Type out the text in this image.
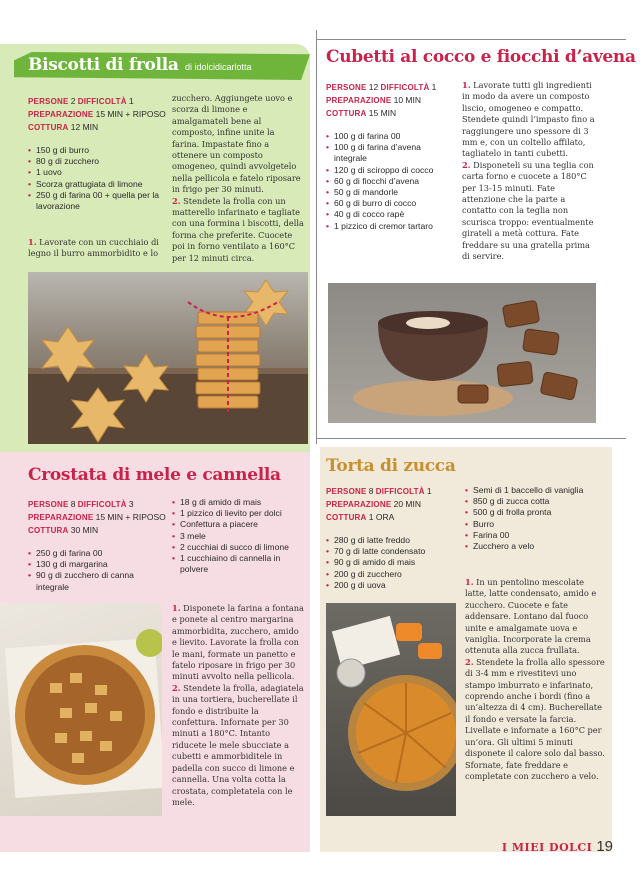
Biscotti di frolla di idolcidicarlotta
PERSONE 2 DIFFICOLTÀ 1
PREPARAZIONE 15 MIN + RIPOSO
COTTURA 12 MIN
• 150 g di burro
• 80 g di zucchero
• 1 uovo
• Scorza grattugiata di limone
• 250 g di farina 00 + quella per la lavorazione
1. Lavorate con un cucchiaio di legno il burro ammorbidito e lo
zucchero. Aggiungete uovo e scorza di limone e amalgamateli bene al composto, infine unite la farina. Impastate fino a ottenere un composto omogeneo, quindi avvolgetelo nella pellicola e fatelo riposare in frigo per 30 minuti.
2. Stendete la frolla con un matterello infarinato e tagliate con una formina i biscotti, della forma che preferite. Cuocete poi in forno ventilato a 160°C per 12 minuti circa.
Cubetti al cocco e fiocchi d’avena
PERSONE 12 DIFFICOLTÀ 1
PREPARAZIONE 10 MIN
COTTURA 15 MIN
• 100 g di farina 00
• 100 g di farina d’avena integrale
• 120 g di sciroppo di cocco
• 60 g di fiocchi d’avena
• 50 g di mandorle
• 60 g di burro di cocco
• 40 g di cocco rapè
• 1 pizzico di cremor tartaro
1. Lavorate tutti gli ingredienti in modo da avere un composto liscio, omogeneo e compatto. Stendete quindi l’impasto fino a raggiungere uno spessore di 3 mm e, con un coltello affilato, tagliatelo in tanti cubetti.
2. Disponeteli su una teglia con carta forno e cuocete a 180°C per 13-15 minuti. Fate attenzione che la parte a contatto con la teglia non scurisca troppo: eventualmente girateli a metà cottura. Fate freddare su una gratella prima di servire.
Crostata di mele e cannella
PERSONE 8 DIFFICOLTÀ 3
PREPARAZIONE 15 MIN + RIPOSO
COTTURA 30 MIN
• 250 g di farina 00
• 130 g di margarina
• 90 g di zucchero di canna integrale
• 18 g di amido di mais
• 1 pizzico di lievito per dolci
• Confettura a piacere
• 3 mele
• 2 cucchiai di succo di limone
• 1 cucchiaino di cannella in polvere
1. Disponete la farina a fontana e ponete al centro margarina ammorbidita, zucchero, amido e lievito. Lavorate la frolla con le mani, formate un panetto e fatelo riposare in frigo per 30 minuti avvolto nella pellicola.
2. Stendete la frolla, adagiatela in una tortiera, bucherellate il fondo e distribuite la confettura. Infornate per 30 minuti a 180°C. Intanto riducete le mele sbucciate a cubetti e ammorbiditele in padella con succo di limone e cannella. Una volta cotta la crostata, completatela con le mele.
Torta di zucca
PERSONE 8 DIFFICOLTÀ 1
PREPARAZIONE 20 MIN
COTTURA 1 ORA
• 280 g di latte freddo
• 70 g di latte condensato
• 90 g di amido di mais
• 200 g di zucchero
• 200 g di uova
• Semi di 1 baccello di vaniglia
• 850 g di zucca cotta
• 500 g di frolla pronta
• Burro
• Farina 00
• Zucchero a velo
1. In un pentolino mescolate latte, latte condensato, amido e zucchero. Cuocete e fate addensare. Lontano dal fuoco unite e amalgamate uova e vaniglia. Incorporate la crema ottenuta alla zucca frullata.
2. Stendete la frolla allo spessore di 3-4 mm e rivestitevi uno stampo imburrato e infarinato, coprendo anche i bordi (fino a un’altezza di 4 cm). Bucherellate il fondo e versate la farcia. Livellate e infornate a 160°C per un’ora. Gli ultimi 5 minuti disponete il calore solo dal basso. Sfornate, fate freddare e completate con zucchero a velo.
I MIEI DOLCI 19
